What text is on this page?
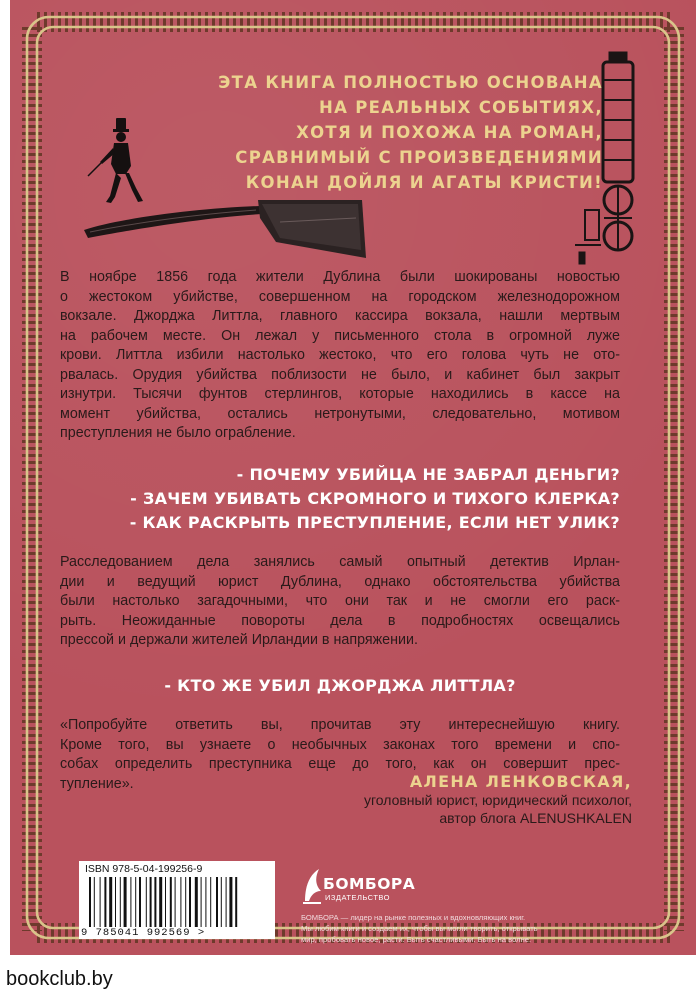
ЭТА КНИГА ПОЛНОСТЬЮ ОСНОВАНА
НА РЕАЛЬНЫХ СОБЫТИЯХ,
ХОТЯ И ПОХОЖА НА РОМАН,
СРАВНИМЫЙ С ПРОИЗВЕДЕНИЯМИ
КОНАН ДОЙЛЯ И АГАТЫ КРИСТИ!
В ноябре 1856 года жители Дублина были шокированы новостью
о жестоком убийстве, совершенном на городском железнодорожном
вокзале. Джорджа Литтла, главного кассира вокзала, нашли мертвым
на рабочем месте. Он лежал у письменного стола в огромной луже
крови. Литтла избили настолько жестоко, что его голова чуть не ото-
рвалась. Орудия убийства поблизости не было, и кабинет был закрыт
изнутри. Тысячи фунтов стерлингов, которые находились в кассе на
момент убийства, остались нетронутыми, следовательно, мотивом
преступления не было ограбление.
- ПОЧЕМУ УБИЙЦА НЕ ЗАБРАЛ ДЕНЬГИ?
- ЗАЧЕМ УБИВАТЬ СКРОМНОГО И ТИХОГО КЛЕРКА?
- КАК РАСКРЫТЬ ПРЕСТУПЛЕНИЕ, ЕСЛИ НЕТ УЛИК?
Расследованием дела занялись самый опытный детектив Ирлан-
дии и ведущий юрист Дублина, однако обстоятельства убийства
были настолько загадочными, что они так и не смогли его раск-
рыть. Неожиданные повороты дела в подробностях освещались
прессой и держали жителей Ирландии в напряжении.
- КТО ЖЕ УБИЛ ДЖОРДЖА ЛИТТЛА?
«Попробуйте ответить вы, прочитав эту интереснейшую книгу.
Кроме того, вы узнаете о необычных законах того времени и спо-
собах определить преступника еще до того, как он совершит прес-
тупление».	АЛЕНА ЛЕНКОВСКАЯ,
уголовный юрист, юридический психолог,
автор блога ALENUSHKALEN
ISBN 978-5-04-199256-9
9 785041 992569 >
БОМБОРА
ИЗДАТЕЛЬСТВО
БОМБОРА — лидер на рынке полезных и вдохновляющих книг.
Мы любим книги и создаем их, чтобы вы могли творить, открывать
мир, пробовать новое, расти. Быть счастливыми. Быть на волне.
bookclub.by
